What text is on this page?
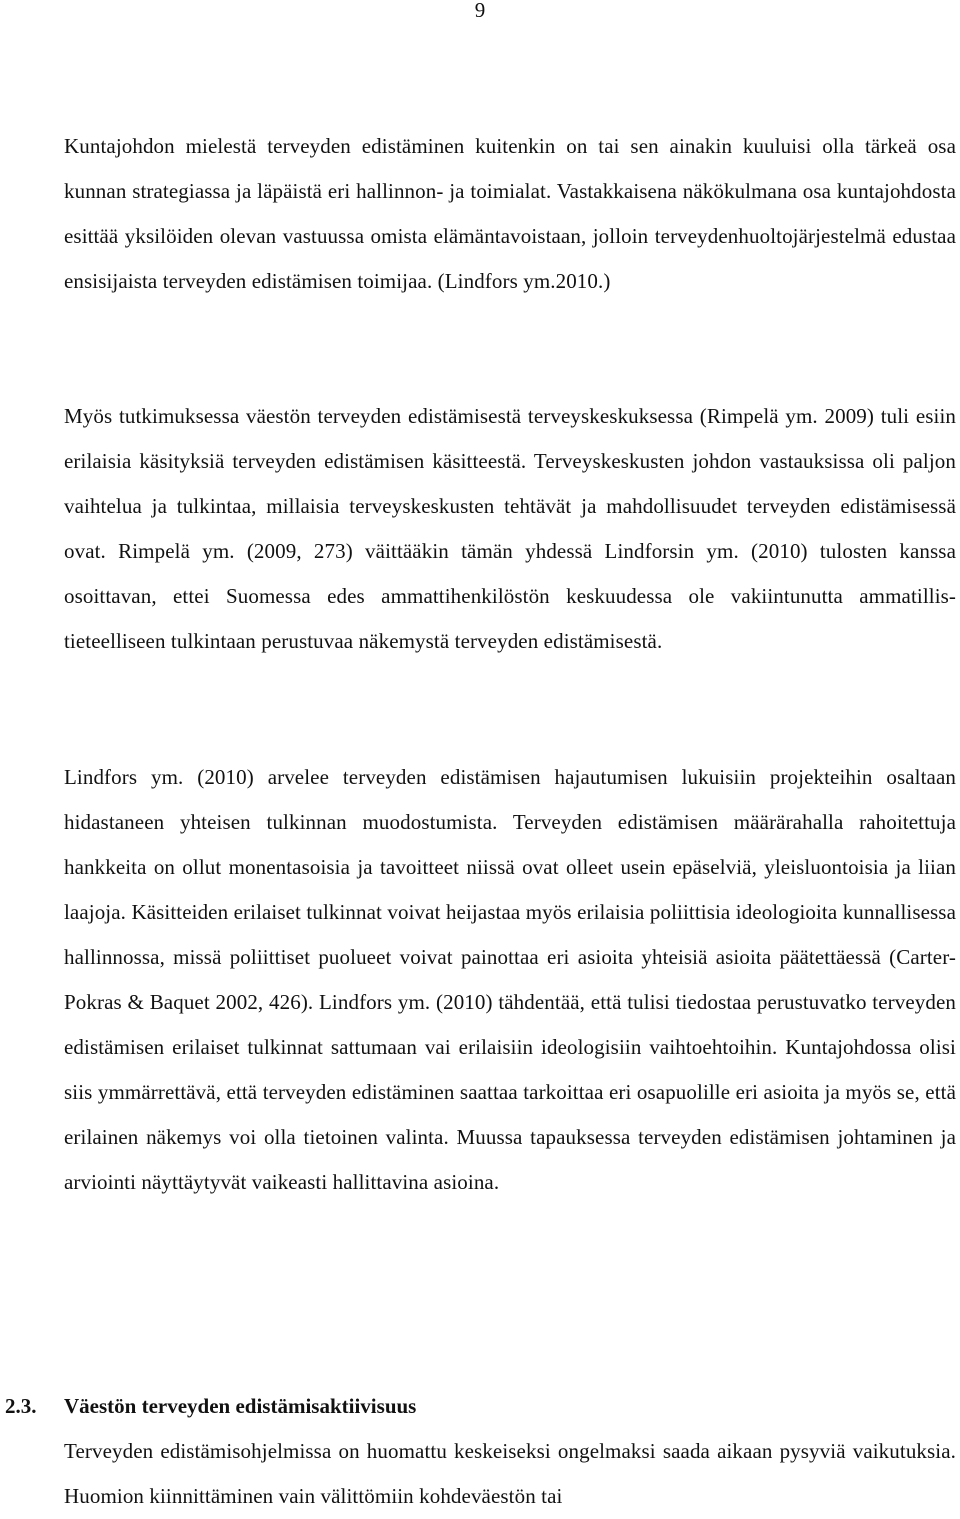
9

Kuntajohdon mielestä terveyden edistäminen kuitenkin on tai sen ainakin kuuluisi olla tärkeä osa kunnan strategiassa ja läpäistä eri hallinnon- ja toimialat. Vastakkaisena näkökulmana osa kuntajohdosta esittää yksilöiden olevan vastuussa omista elämäntavoistaan, jolloin terveydenhuoltojärjestelmä edustaa ensisijaista terveyden edistämisen toimijaa. (Lindfors ym.2010.)

Myös tutkimuksessa väestön terveyden edistämisestä terveyskeskuksessa (Rimpelä ym. 2009) tuli esiin erilaisia käsityksiä terveyden edistämisen käsitteestä. Terveyskeskusten johdon vastauksissa oli paljon vaihtelua ja tulkintaa, millaisia terveyskeskusten tehtävät ja mahdollisuudet terveyden edistämisessä ovat. Rimpelä ym. (2009, 273) väittääkin tämän yhdessä Lindforsin ym. (2010) tulosten kanssa osoittavan, ettei Suomessa edes ammattihenkilöstön keskuudessa ole vakiintunutta ammatillis-tieteelliseen tulkintaan perustuvaa näkemystä terveyden edistämisestä.

Lindfors ym. (2010) arvelee terveyden edistämisen hajautumisen lukuisiin projekteihin osaltaan hidastaneen yhteisen tulkinnan muodostumista. Terveyden edistämisen määrärahalla rahoitettuja hankkeita on ollut monentasoisia ja tavoitteet niissä ovat olleet usein epäselviä, yleisluontoisia ja liian laajoja. Käsitteiden erilaiset tulkinnat voivat heijastaa myös erilaisia poliittisia ideologioita kunnallisessa hallinnossa, missä poliittiset puolueet voivat painottaa eri asioita yhteisiä asioita päätettäessä (Carter-Pokras & Baquet 2002, 426). Lindfors ym. (2010) tähdentää, että tulisi tiedostaa perustuvatko terveyden edistämisen erilaiset tulkinnat sattumaan vai erilaisiin ideologisiin vaihtoehtoihin. Kuntajohdossa olisi siis ymmärrettävä, että terveyden edistäminen saattaa tarkoittaa eri osapuolille eri asioita ja myös se, että erilainen näkemys voi olla tietoinen valinta. Muussa tapauksessa terveyden edistämisen johtaminen ja arviointi näyttäytyvät vaikeasti hallittavina asioina.

2.3. Väestön terveyden edistämisaktiivisuus

Terveyden edistämisohjelmissa on huomattu keskeiseksi ongelmaksi saada aikaan pysyviä vaikutuksia. Huomion kiinnittäminen vain välittömiin kohdeväestön tai
